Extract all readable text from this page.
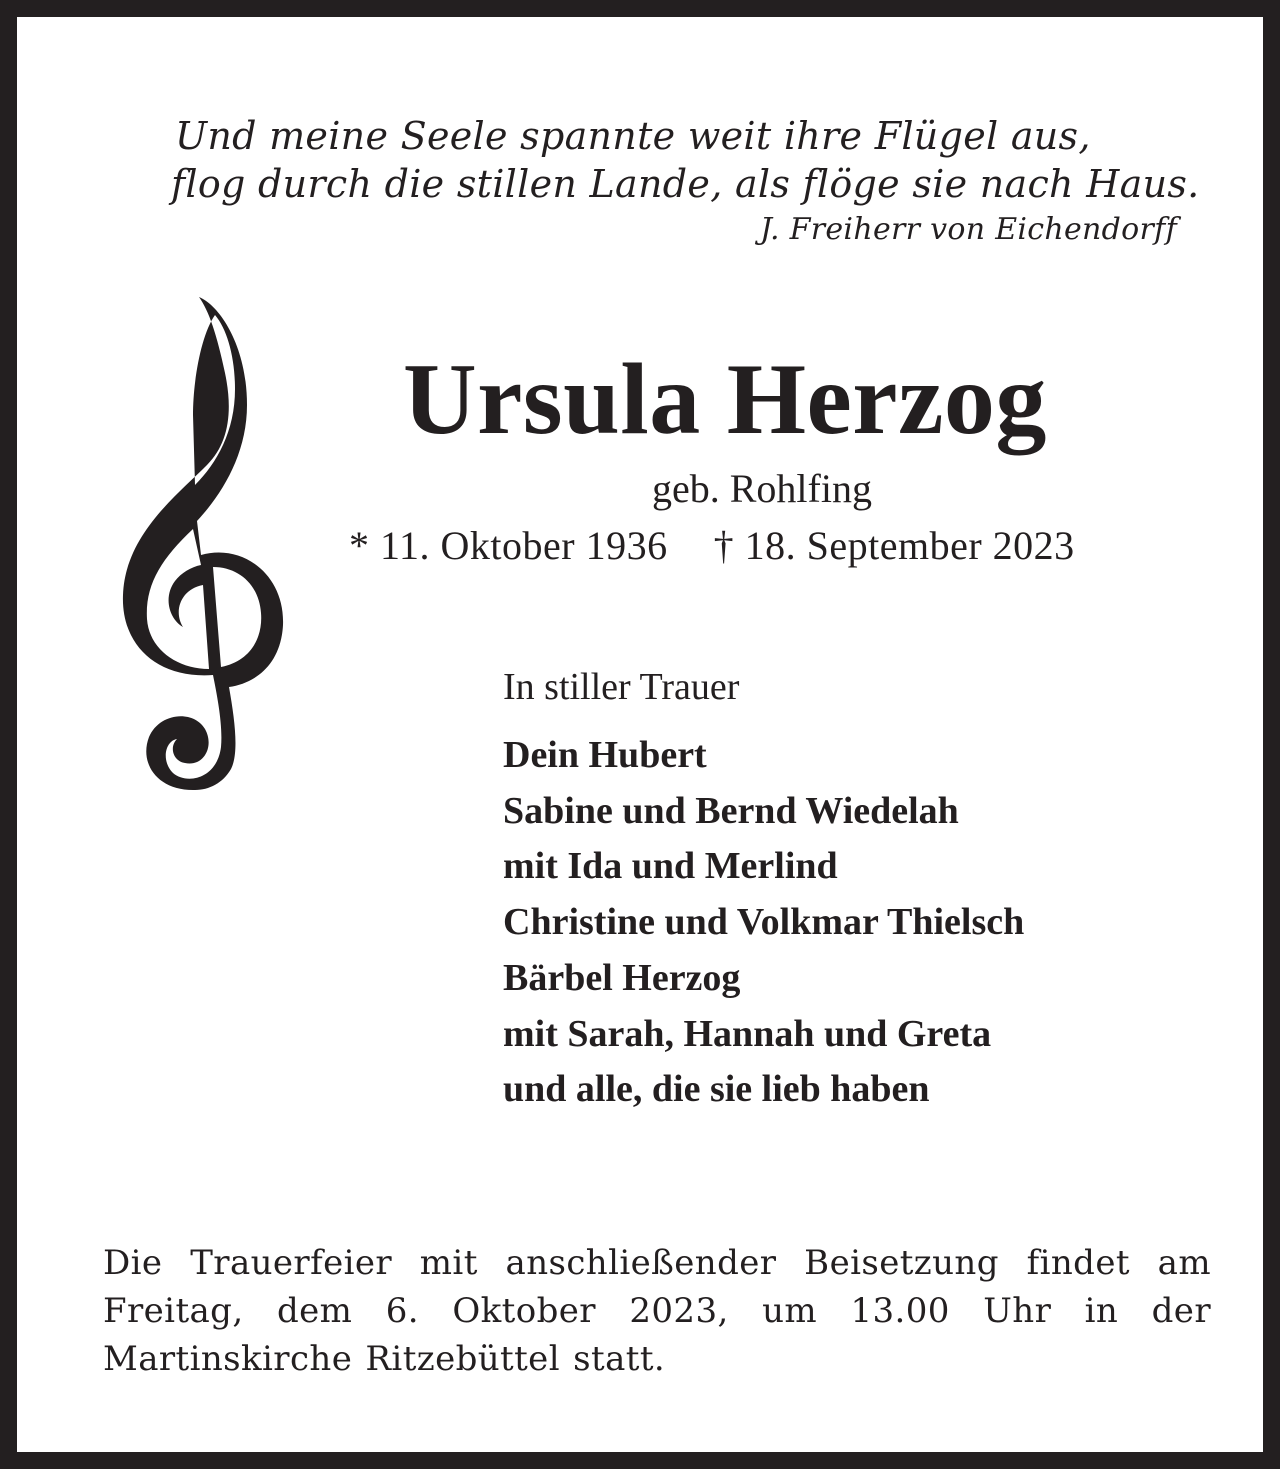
Und meine Seele spannte weit ihre Flügel aus,
flog durch die stillen Lande, als flöge sie nach Haus.
J. Freiherr von Eichendorff
Ursula Herzog
geb. Rohlfing
* 11. Oktober 1936 † 18. September 2023
In stiller Trauer
Dein Hubert
Sabine und Bernd Wiedelah
mit Ida und Merlind
Christine und Volkmar Thielsch
Bärbel Herzog
mit Sarah, Hannah und Greta
und alle, die sie lieb haben

Die Trauerfeier mit anschließender Beisetzung findet am Freitag, dem 6. Oktober 2023, um 13.00 Uhr in der Martinskirche Ritzebüttel statt.
